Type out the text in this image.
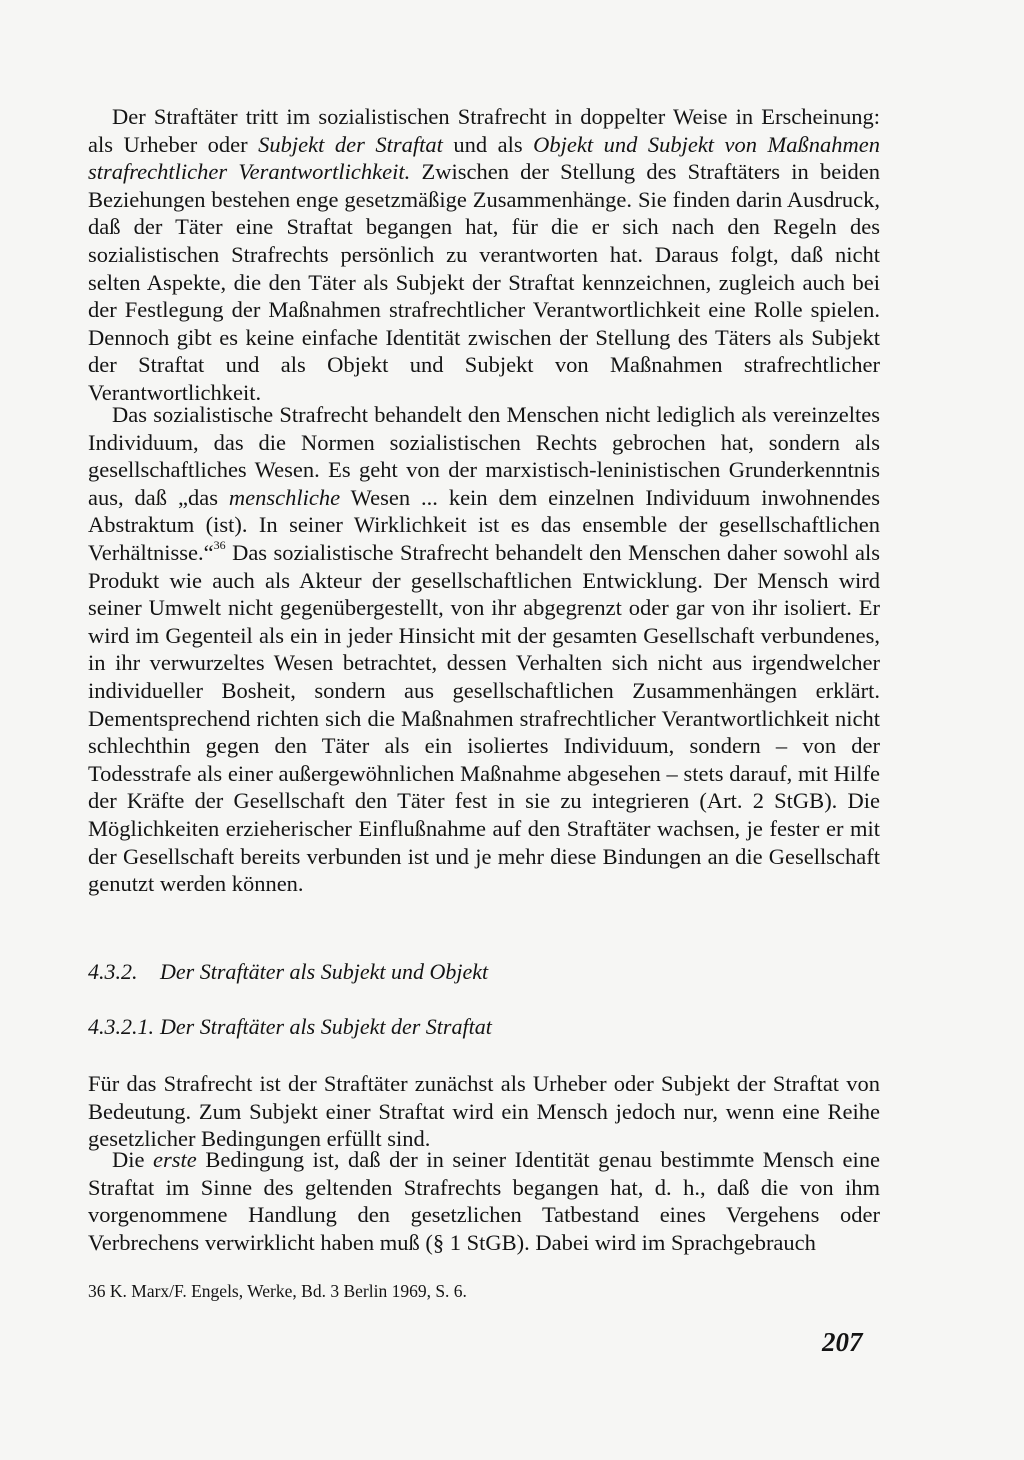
Der Straftäter tritt im sozialistischen Strafrecht in doppelter Weise in Erscheinung: als Urheber oder Subjekt der Straftat und als Objekt und Subjekt von Maßnahmen strafrechtlicher Verantwortlichkeit. Zwischen der Stellung des Straftäters in beiden Beziehungen bestehen enge gesetzmäßige Zusammenhänge. Sie finden darin Ausdruck, daß der Täter eine Straftat begangen hat, für die er sich nach den Regeln des sozialistischen Strafrechts persönlich zu verantworten hat. Daraus folgt, daß nicht selten Aspekte, die den Täter als Subjekt der Straftat kennzeichnen, zugleich auch bei der Festlegung der Maßnahmen strafrechtlicher Verantwortlichkeit eine Rolle spielen. Dennoch gibt es keine einfache Identität zwischen der Stellung des Täters als Subjekt der Straftat und als Objekt und Subjekt von Maßnahmen strafrechtlicher Verantwortlichkeit.

Das sozialistische Strafrecht behandelt den Menschen nicht lediglich als vereinzeltes Individuum, das die Normen sozialistischen Rechts gebrochen hat, sondern als gesellschaftliches Wesen. Es geht von der marxistisch-leninistischen Grunderkenntnis aus, daß „das menschliche Wesen ... kein dem einzelnen Individuum inwohnendes Abstraktum (ist). In seiner Wirklichkeit ist es das ensemble der gesellschaftlichen Verhältnisse.“$^{36}$ Das sozialistische Strafrecht behandelt den Menschen daher sowohl als Produkt wie auch als Akteur der gesellschaftlichen Entwicklung. Der Mensch wird seiner Umwelt nicht gegenübergestellt, von ihr abgegrenzt oder gar von ihr isoliert. Er wird im Gegenteil als ein in jeder Hinsicht mit der gesamten Gesellschaft verbundenes, in ihr verwurzeltes Wesen betrachtet, dessen Verhalten sich nicht aus irgendwelcher individueller Bosheit, sondern aus gesellschaftlichen Zusammenhängen erklärt. Dementsprechend richten sich die Maßnahmen strafrechtlicher Verantwortlichkeit nicht schlechthin gegen den Täter als ein isoliertes Individuum, sondern – von der Todesstrafe als einer außergewöhnlichen Maßnahme abgesehen – stets darauf, mit Hilfe der Kräfte der Gesellschaft den Täter fest in sie zu integrieren (Art. 2 StGB). Die Möglichkeiten erzieherischer Einflußnahme auf den Straftäter wachsen, je fester er mit der Gesellschaft bereits verbunden ist und je mehr diese Bindungen an die Gesellschaft genutzt werden können.

4.3.2. Der Straftäter als Subjekt und Objekt
4.3.2.1. Der Straftäter als Subjekt der Straftat

Für das Strafrecht ist der Straftäter zunächst als Urheber oder Subjekt der Straftat von Bedeutung. Zum Subjekt einer Straftat wird ein Mensch jedoch nur, wenn eine Reihe gesetzlicher Bedingungen erfüllt sind.

Die erste Bedingung ist, daß der in seiner Identität genau bestimmte Mensch eine Straftat im Sinne des geltenden Strafrechts begangen hat, d. h., daß die von ihm vorgenommene Handlung den gesetzlichen Tatbestand eines Vergehens oder Verbrechens verwirklicht haben muß (§ 1 StGB). Dabei wird im Sprachgebrauch

36 K. Marx/F. Engels, Werke, Bd. 3 Berlin 1969, S. 6.

207
